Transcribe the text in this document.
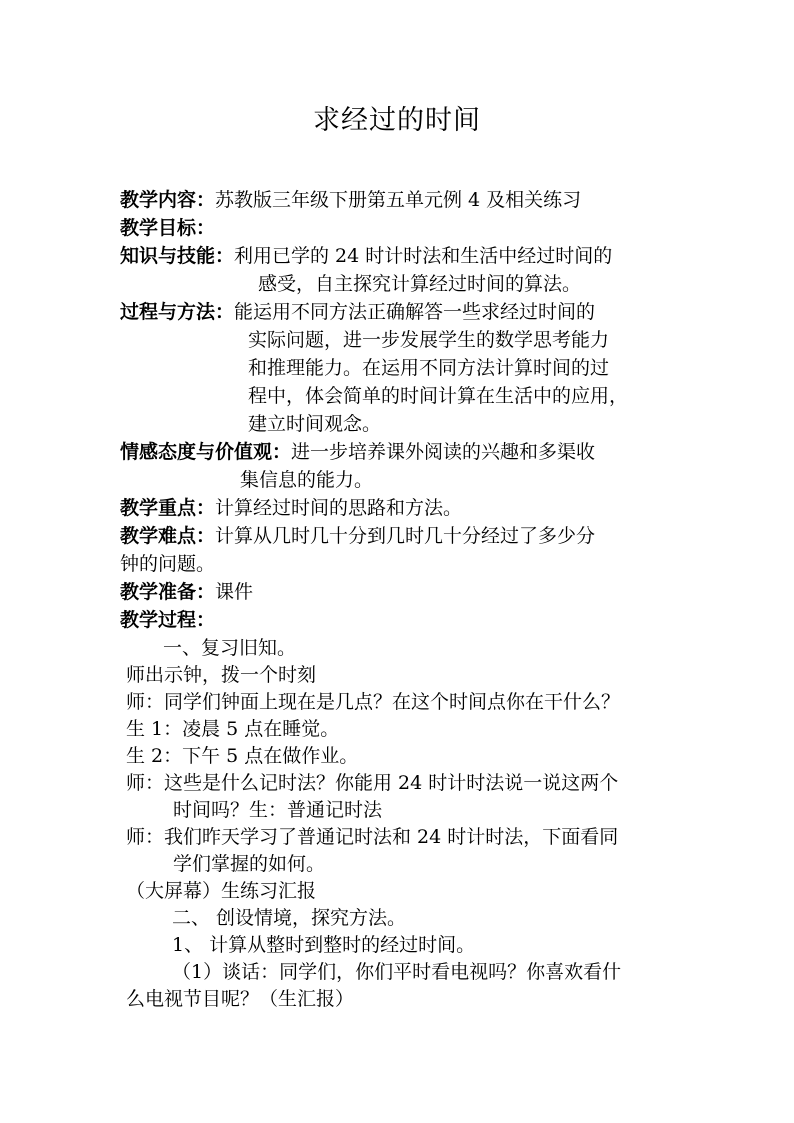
求经过的时间
教学内容：苏教版三年级下册第五单元例 4 及相关练习
教学目标：
知识与技能：利用已学的 24 时计时法和生活中经过时间的
感受，自主探究计算经过时间的算法。
过程与方法：能运用不同方法正确解答一些求经过时间的
实际问题，进一步发展学生的数学思考能力
和推理能力。在运用不同方法计算时间的过
程中，体会简单的时间计算在生活中的应用，
建立时间观念。
情感态度与价值观：进一步培养课外阅读的兴趣和多渠收
集信息的能力。
教学重点：计算经过时间的思路和方法。
教学难点：计算从几时几十分到几时几十分经过了多少分
钟的问题。
教学准备：课件
教学过程：
一、复习旧知。
师出示钟，拨一个时刻
师：同学们钟面上现在是几点？在这个时间点你在干什么？
生 1：凌晨 5 点在睡觉。
生 2：下午 5 点在做作业。
师：这些是什么记时法？你能用 24 时计时法说一说这两个
时间吗？生：普通记时法
师：我们昨天学习了普通记时法和 24 时计时法，下面看同
学们掌握的如何。
（大屏幕）生练习汇报
二、 创设情境，探究方法。
1、 计算从整时到整时的经过时间。
（1）谈话：同学们，你们平时看电视吗？你喜欢看什
么电视节目呢？（生汇报）
